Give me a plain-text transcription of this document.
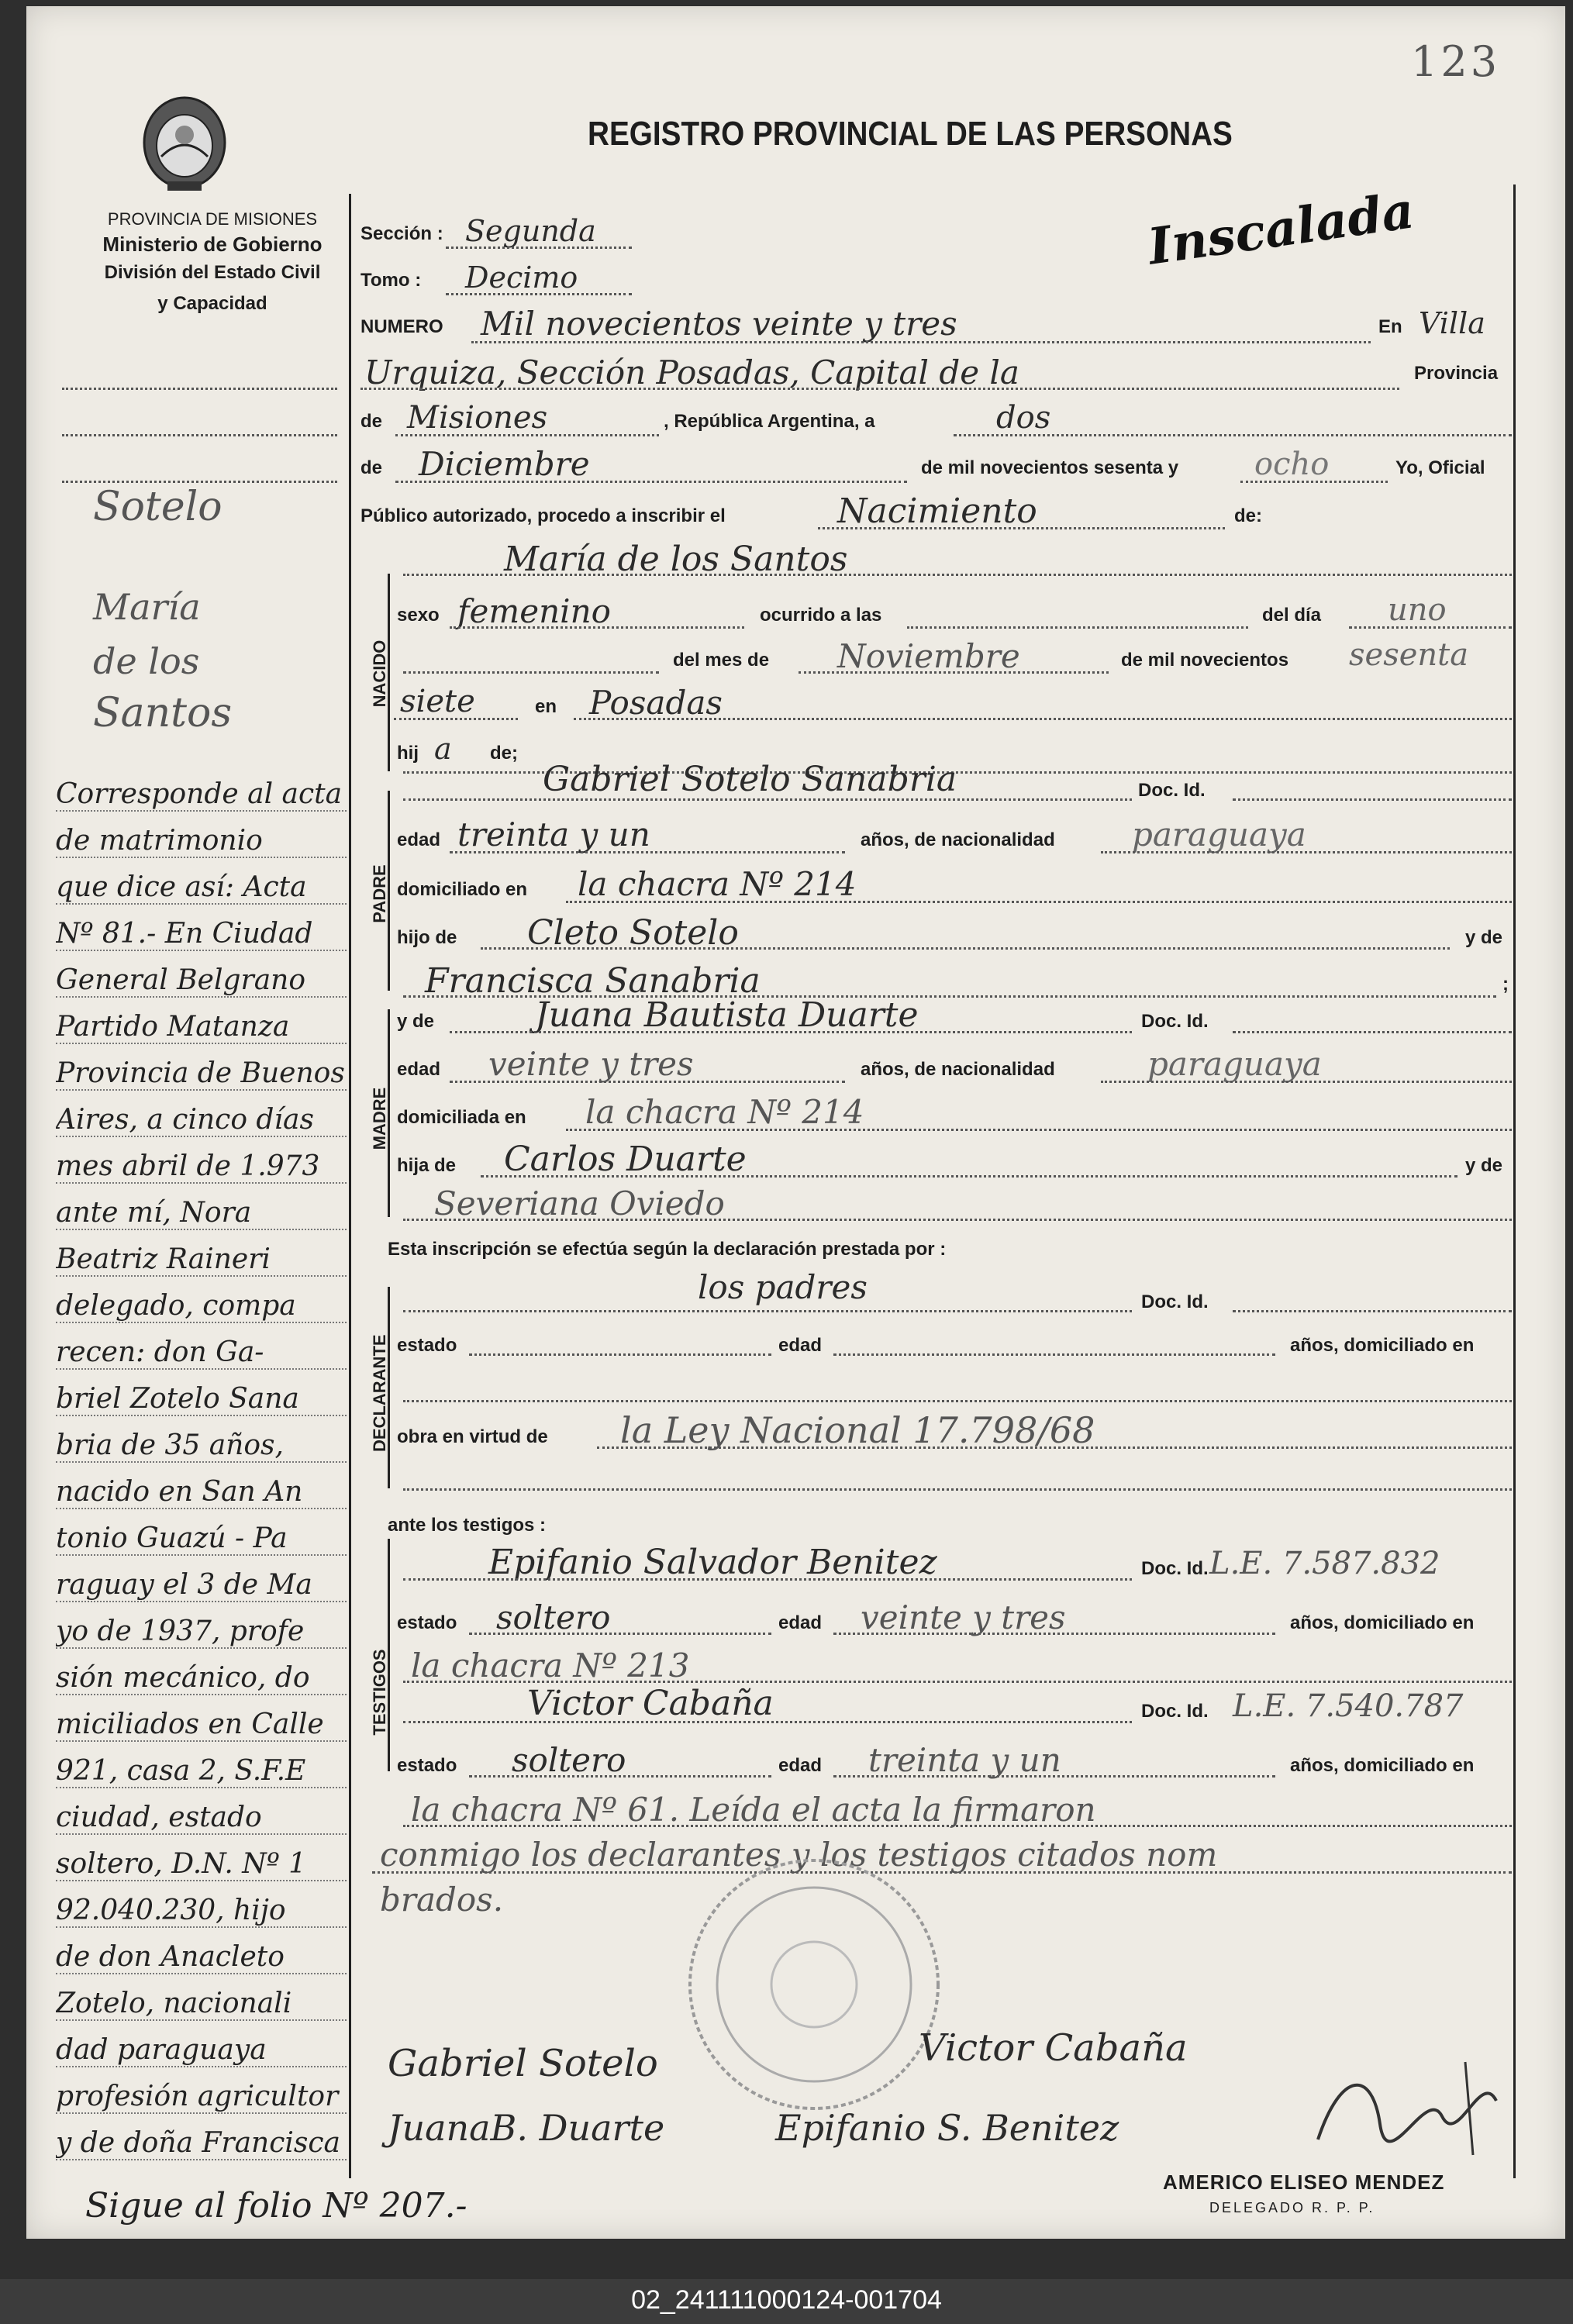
123
PROVINCIA DE MISIONES
Ministerio de Gobierno
División del Estado Civil
y Capacidad
REGISTRO PROVINCIAL DE LAS PERSONAS
Inscalada
NACIDO
PADRE
MADRE
DECLARANTE
TESTIGOS
Sección : Segunda
Tomo : Decimo
NUMERO Mil novecientos veinte y tres	En Villa
Urquiza, Sección Posadas, Capital de la	Provincia
de Misiones	, República Argentina, a	dos
de Diciembre	de mil novecientos sesenta y ocho	Yo, Oficial
Público autorizado, procedo a inscribir el	Nacimiento	de:
María de los Santos
sexo femenino	ocurrido a las	del día uno
del mes de Noviembre	de mil novecientos sesenta
siete	en Posadas
hij a de;
Gabriel Sotelo Sanabria	Doc. Id.
edad treinta y un	años, de nacionalidad paraguaya
domiciliado en la chacra Nº 214
hijo de Cleto Sotelo	y de
Francisca Sanabria	;
y de	Juana Bautista Duarte	Doc. Id.
edad veinte y tres	años, de nacionalidad	paraguaya
domiciliada en la chacra Nº 214
hija de Carlos Duarte	y de
Severiana Oviedo
Esta inscripción se efectúa según la declaración prestada por :
los padres	Doc. Id.
estado	edad	años, domiciliado en
obra en virtud de la Ley Nacional 17.798/68
ante los testigos :
Epifanio Salvador Benitez	Doc. Id. L.E. 7.587.832
estado soltero	edad veinte y tres	años, domiciliado en
la chacra Nº 213
Victor Cabaña	Doc. Id. L.E. 7.540.787
estado soltero	edad treinta y un	años, domiciliado en
la chacra Nº 61. Leída el acta la firmaron
conmigo los declarantes y los testigos citados nom
brados.
Gabriel Sotelo	Victor Cabaña
JuanaB. Duarte	Epifanio S. Benitez
AMERICO ELISEO MENDEZ
DELEGADO R. P. P.
Sotelo
María
de los
Santos
Corresponde al acta
de matrimonio
que dice así: Acta
Nº 81.- En Ciudad
General Belgrano
Partido Matanza
Provincia de Buenos
Aires, a cinco días
mes abril de 1.973
ante mí, Nora
Beatriz Raineri
delegado, compa
recen: don Ga-
briel Zotelo Sana
bria de 35 años,
nacido en San An
tonio Guazú - Pa
raguay el 3 de Ma
yo de 1937, profe
sión mecánico, do
miciliados en Calle
921, casa 2, S.F.E
ciudad, estado
soltero, D.N. Nº 1
92.040.230, hijo
de don Anacleto
Zotelo, nacionali
dad paraguaya
profesión agricultor
y de doña Francisca
Sigue al folio Nº 207.-
02_241111000124-001704
